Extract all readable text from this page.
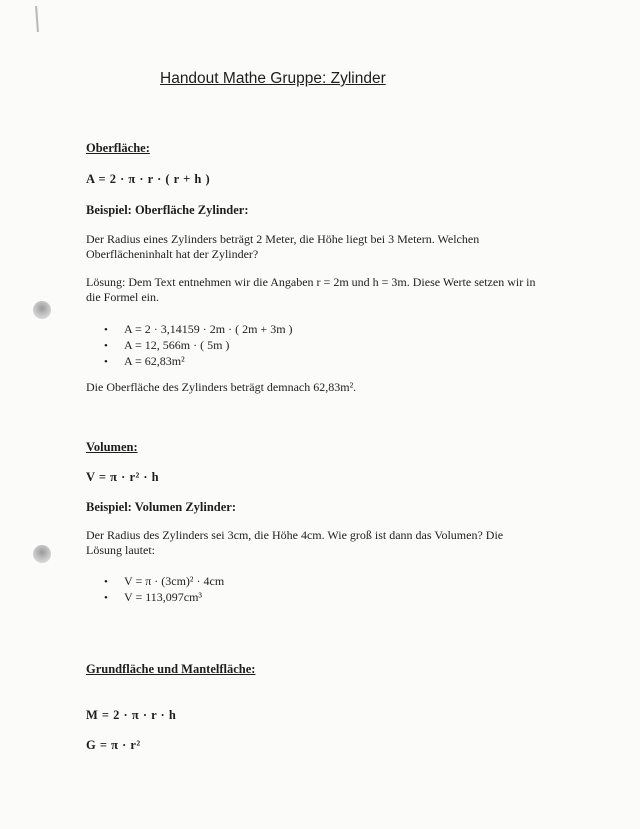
Handout Mathe Gruppe: Zylinder
Oberfläche:
A = 2 · π · r · ( r + h )
Beispiel: Oberfläche Zylinder:
Der Radius eines Zylinders beträgt 2 Meter, die Höhe liegt bei 3 Metern. Welchen
Oberflächeninhalt hat der Zylinder?
Lösung: Dem Text entnehmen wir die Angaben r = 2m und h = 3m. Diese Werte setzen wir in
die Formel ein.
•	A = 2 · 3,14159 · 2m · ( 2m + 3m )
•	A = 12, 566m · ( 5m )
•	A = 62,83m²
Die Oberfläche des Zylinders beträgt demnach 62,83m².
Volumen:
V = π · r² · h
Beispiel: Volumen Zylinder:
Der Radius des Zylinders sei 3cm, die Höhe 4cm. Wie groß ist dann das Volumen? Die
Lösung lautet:
•	V = π · (3cm)² · 4cm
•	V = 113,097cm³
Grundfläche und Mantelfläche:
M = 2 · π · r · h
G = π · r²
